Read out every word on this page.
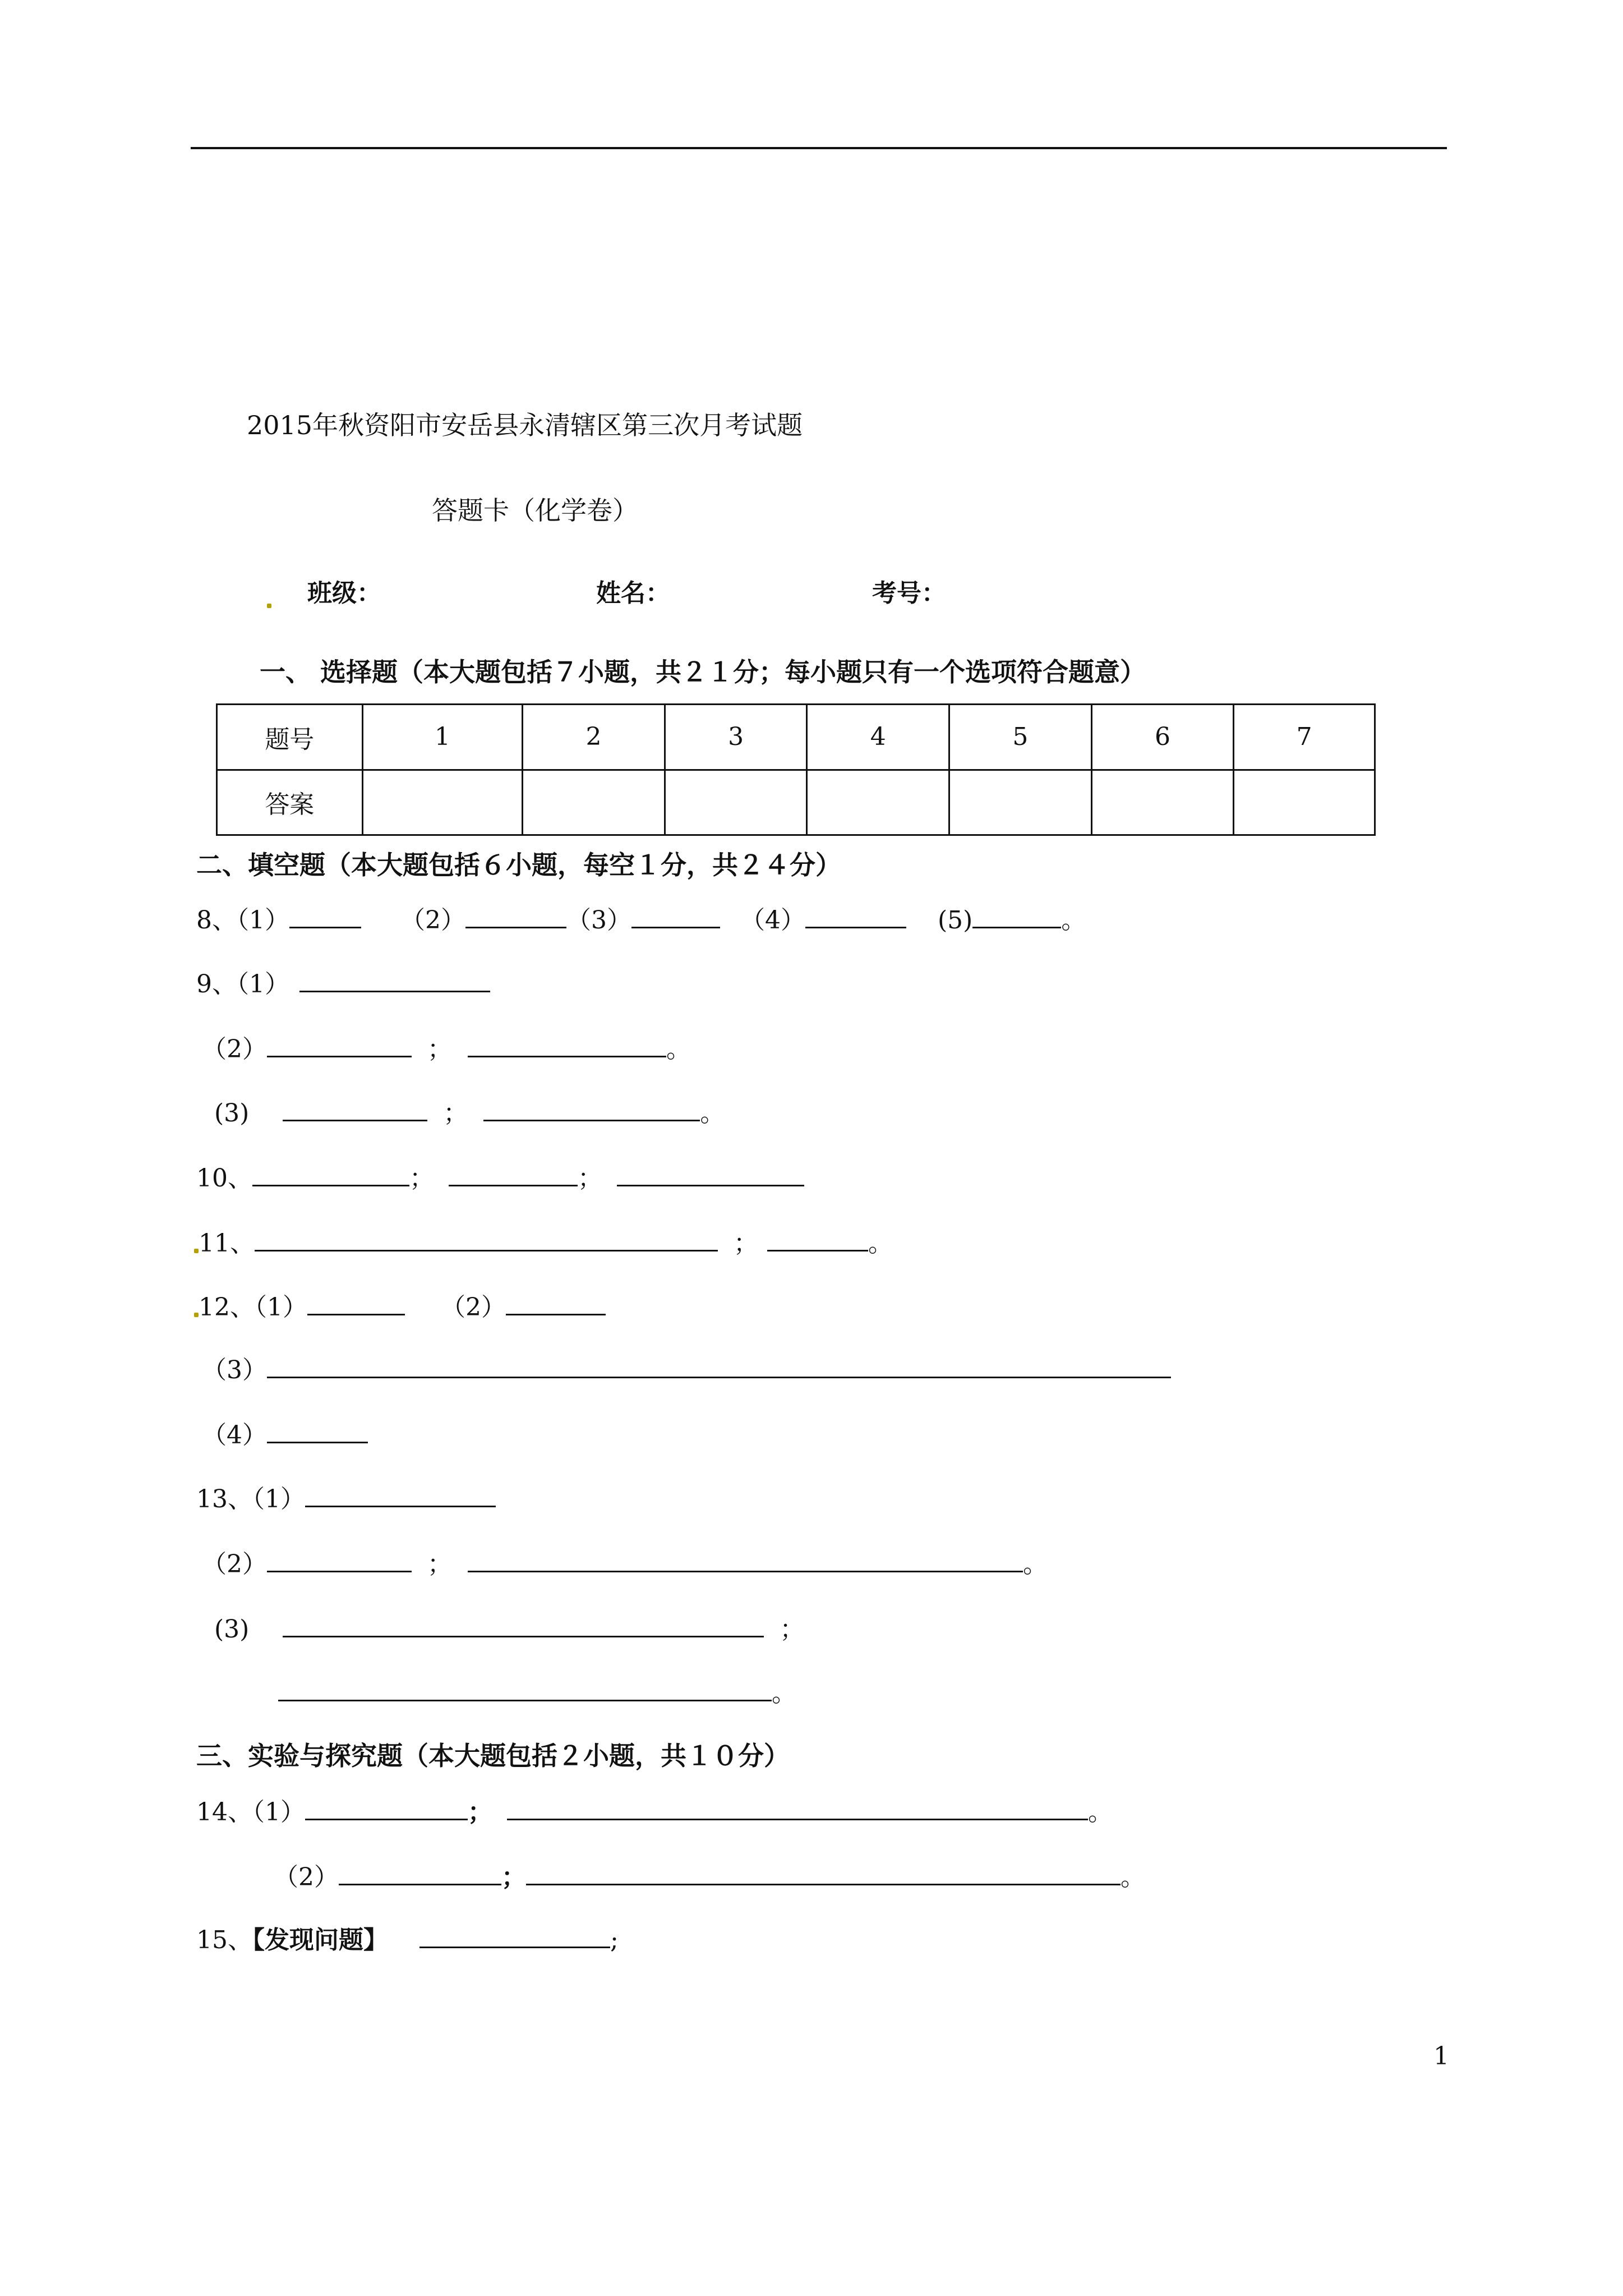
2015年秋资阳市安岳县永清辖区第三次月考试题
答题卡（化学卷）
班级：	姓名：	考号：
一、 选择题（本大题包括７小题，共２１分；每小题只有一个选项符合题意）
题号	1	2	3	4	5	6	7
答案							
二、填空题（本大题包括６小题，每空１分，共２４分）
8、（1）	（2）	（3）	（4）	(5)	。
9、（1）
（2）	；	。
(3)	；	。
10、	；	；
11、	；	。
12、（1）	（2）
（3）
（4）
13、（1）
（2）	；	。
(3)	；
。
三、实验与探究题（本大题包括２小题，共１０分）
14、（1）	；	。
（2）	；	。
15、【发现问题】	;
1
